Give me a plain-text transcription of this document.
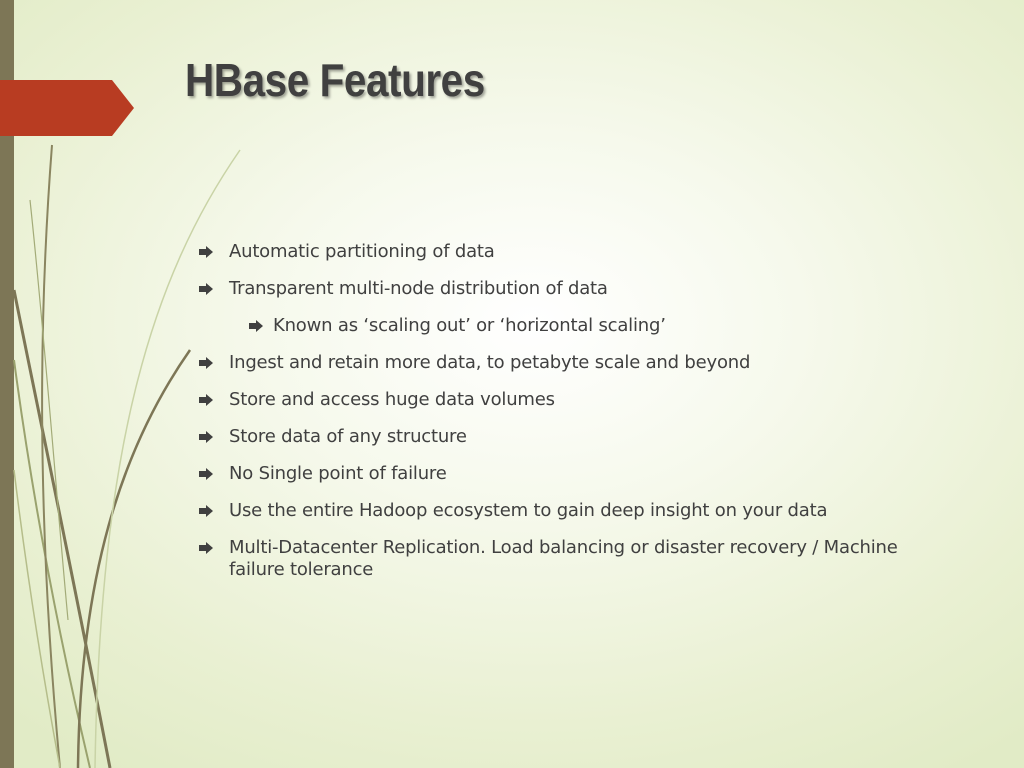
HBase Features
Automatic partitioning of data
Transparent multi-node distribution of data
Known as ‘scaling out’ or ‘horizontal scaling’
Ingest and retain more data, to petabyte scale and beyond
Store and access huge data volumes
Store data of any structure
No Single point of failure
Use the entire Hadoop ecosystem to gain deep insight on your data
Multi-Datacenter Replication. Load balancing or disaster recovery / Machine failure tolerance
